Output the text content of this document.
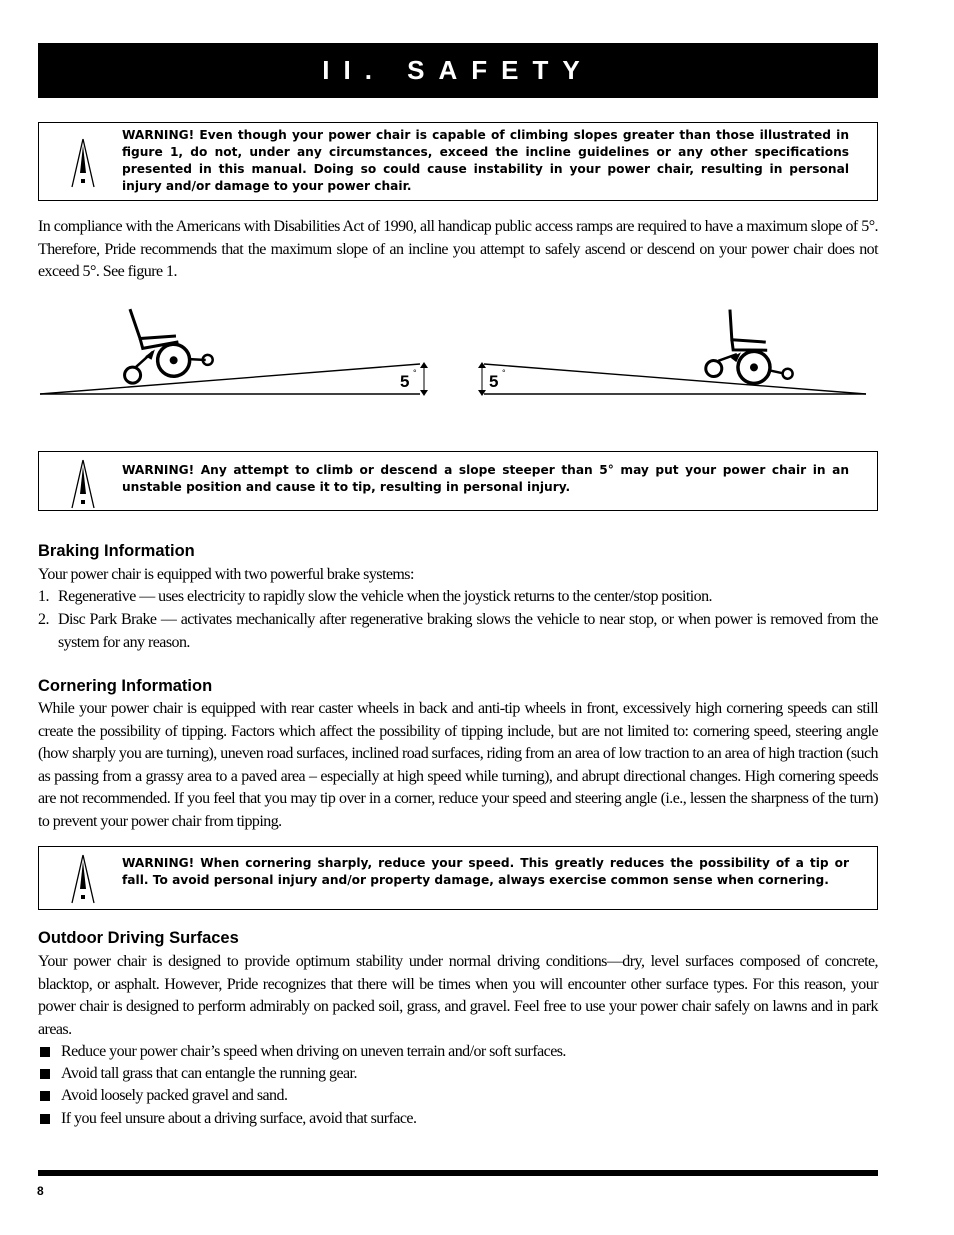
II. SAFETY

WARNING! Even though your power chair is capable of climbing slopes greater than those illustrated in figure 1, do not, under any circumstances, exceed the incline guidelines or any other specifications presented in this manual. Doing so could cause instability in your power chair, resulting in personal injury and/or damage to your power chair.

In compliance with the Americans with Disabilities Act of 1990, all handicap public access ramps are required to have a maximum slope of 5°. Therefore, Pride recommends that the maximum slope of an incline you attempt to safely ascend or descend on your power chair does not exceed 5°. See figure 1.

5 °	5 °

WARNING! Any attempt to climb or descend a slope steeper than 5° may put your power chair in an unstable position and cause it to tip, resulting in personal injury.

Braking Information

Your power chair is equipped with two powerful brake systems:

1. Regenerative — uses electricity to rapidly slow the vehicle when the joystick returns to the center/stop position.
2. Disc Park Brake — activates mechanically after regenerative braking slows the vehicle to near stop, or when power is removed from the system for any reason.
Cornering Information

While your power chair is equipped with rear caster wheels in back and anti-tip wheels in front, excessively high cornering speeds can still create the possibility of tipping. Factors which affect the possibility of tipping include, but are not limited to: cornering speed, steering angle (how sharply you are turning), uneven road surfaces, inclined road surfaces, riding from an area of low traction to an area of high traction (such as passing from a grassy area to a paved area – especially at high speed while turning), and abrupt directional changes. High cornering speeds are not recommended. If you feel that you may tip over in a corner, reduce your speed and steering angle (i.e., lessen the sharpness of the turn) to prevent your power chair from tipping.

WARNING! When cornering sharply, reduce your speed. This greatly reduces the possibility of a tip or fall. To avoid personal injury and/or property damage, always exercise common sense when cornering.

Outdoor Driving Surfaces

Your power chair is designed to provide optimum stability under normal driving conditions—dry, level surfaces composed of concrete, blacktop, or asphalt. However, Pride recognizes that there will be times when you will encounter other surface types. For this reason, your power chair is designed to perform admirably on packed soil, grass, and gravel. Feel free to use your power chair safely on lawns and in park areas.

Reduce your power chair’s speed when driving on uneven terrain and/or soft surfaces.
Avoid tall grass that can entangle the running gear.
Avoid loosely packed gravel and sand.
If you feel unsure about a driving surface, avoid that surface.
8
